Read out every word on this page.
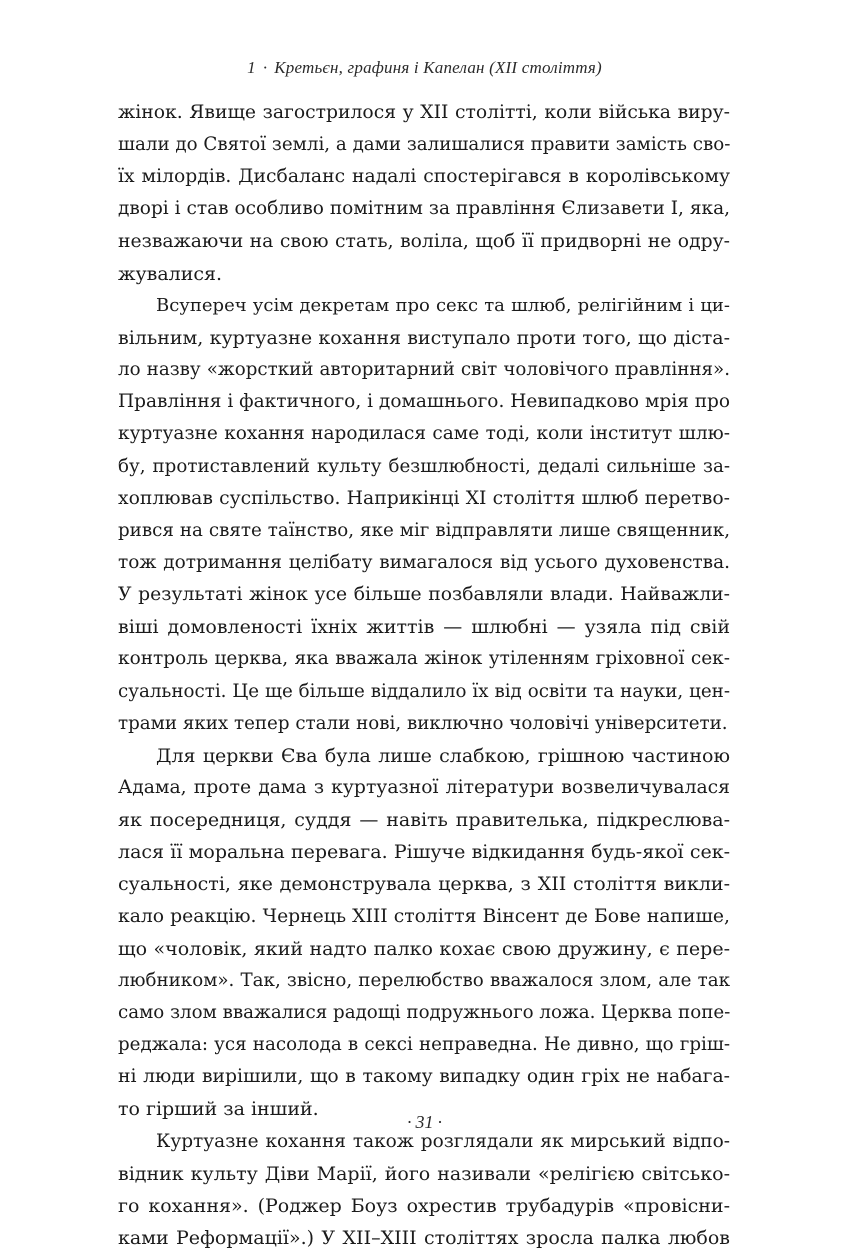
1 · Кретьєн, графиня і Капелан (XII століття)
жінок. Явище загострилося у XII столітті, коли війська виру-
шали до Святої землі, а дами залишалися правити замість сво-
їх мілордів. Дисбаланс надалі спостерігався в королівському
дворі і став особливо помітним за правління Єлизавети I, яка,
незважаючи на свою стать, воліла, щоб її придворні не одру-
жувалися.
Всупереч усім декретам про секс та шлюб, релігійним і ци-
вільним, куртуазне кохання виступало проти того, що діста-
ло назву «жорсткий авторитарний світ чоловічого правління».
Правління і фактичного, і домашнього. Невипадково мрія про
куртуазне кохання народилася саме тоді, коли інститут шлю-
бу, протиставлений культу безшлюбності, дедалі сильніше за-
хоплював суспільство. Наприкінці XI століття шлюб перетво-
рився на святе таїнство, яке міг відправляти лише священник,
тож дотримання целібату вимагалося від усього духовенства.
У результаті жінок усе більше позбавляли влади. Найважли-
віші домовленості їхніх життів — шлюбні — узяла під свій
контроль церква, яка вважала жінок утіленням гріховної сек-
суальності. Це ще більше віддалило їх від освіти та науки, цен-
трами яких тепер стали нові, виключно чоловічі університети.
Для церкви Єва була лише слабкою, грішною частиною
Адама, проте дама з куртуазної літератури возвеличувалася
як посередниця, суддя — навіть правителька, підкреслюва-
лася її моральна перевага. Рішуче відкидання будь-якої сек-
суальності, яке демонструвала церква, з XII століття викли-
кало реакцію. Чернець XIII століття Вінсент де Бове напише,
що «чоловік, який надто палко кохає свою дружину, є пере-
любником». Так, звісно, перелюбство вважалося злом, але так
само злом вважалися радощі подружнього ложа. Церква попе-
реджала: уся насолода в сексі неправедна. Не дивно, що гріш-
ні люди вирішили, що в такому випадку один гріх не набага-
то гірший за інший.
Куртуазне кохання також розглядали як мирський відпо-
відник культу Діви Марії, його називали «релігією світсько-
го кохання». (Роджер Боуз охрестив трубадурів «провісни-
ками Реформації».) У XII–XIII століттях зросла палка любов
· 31 ·
